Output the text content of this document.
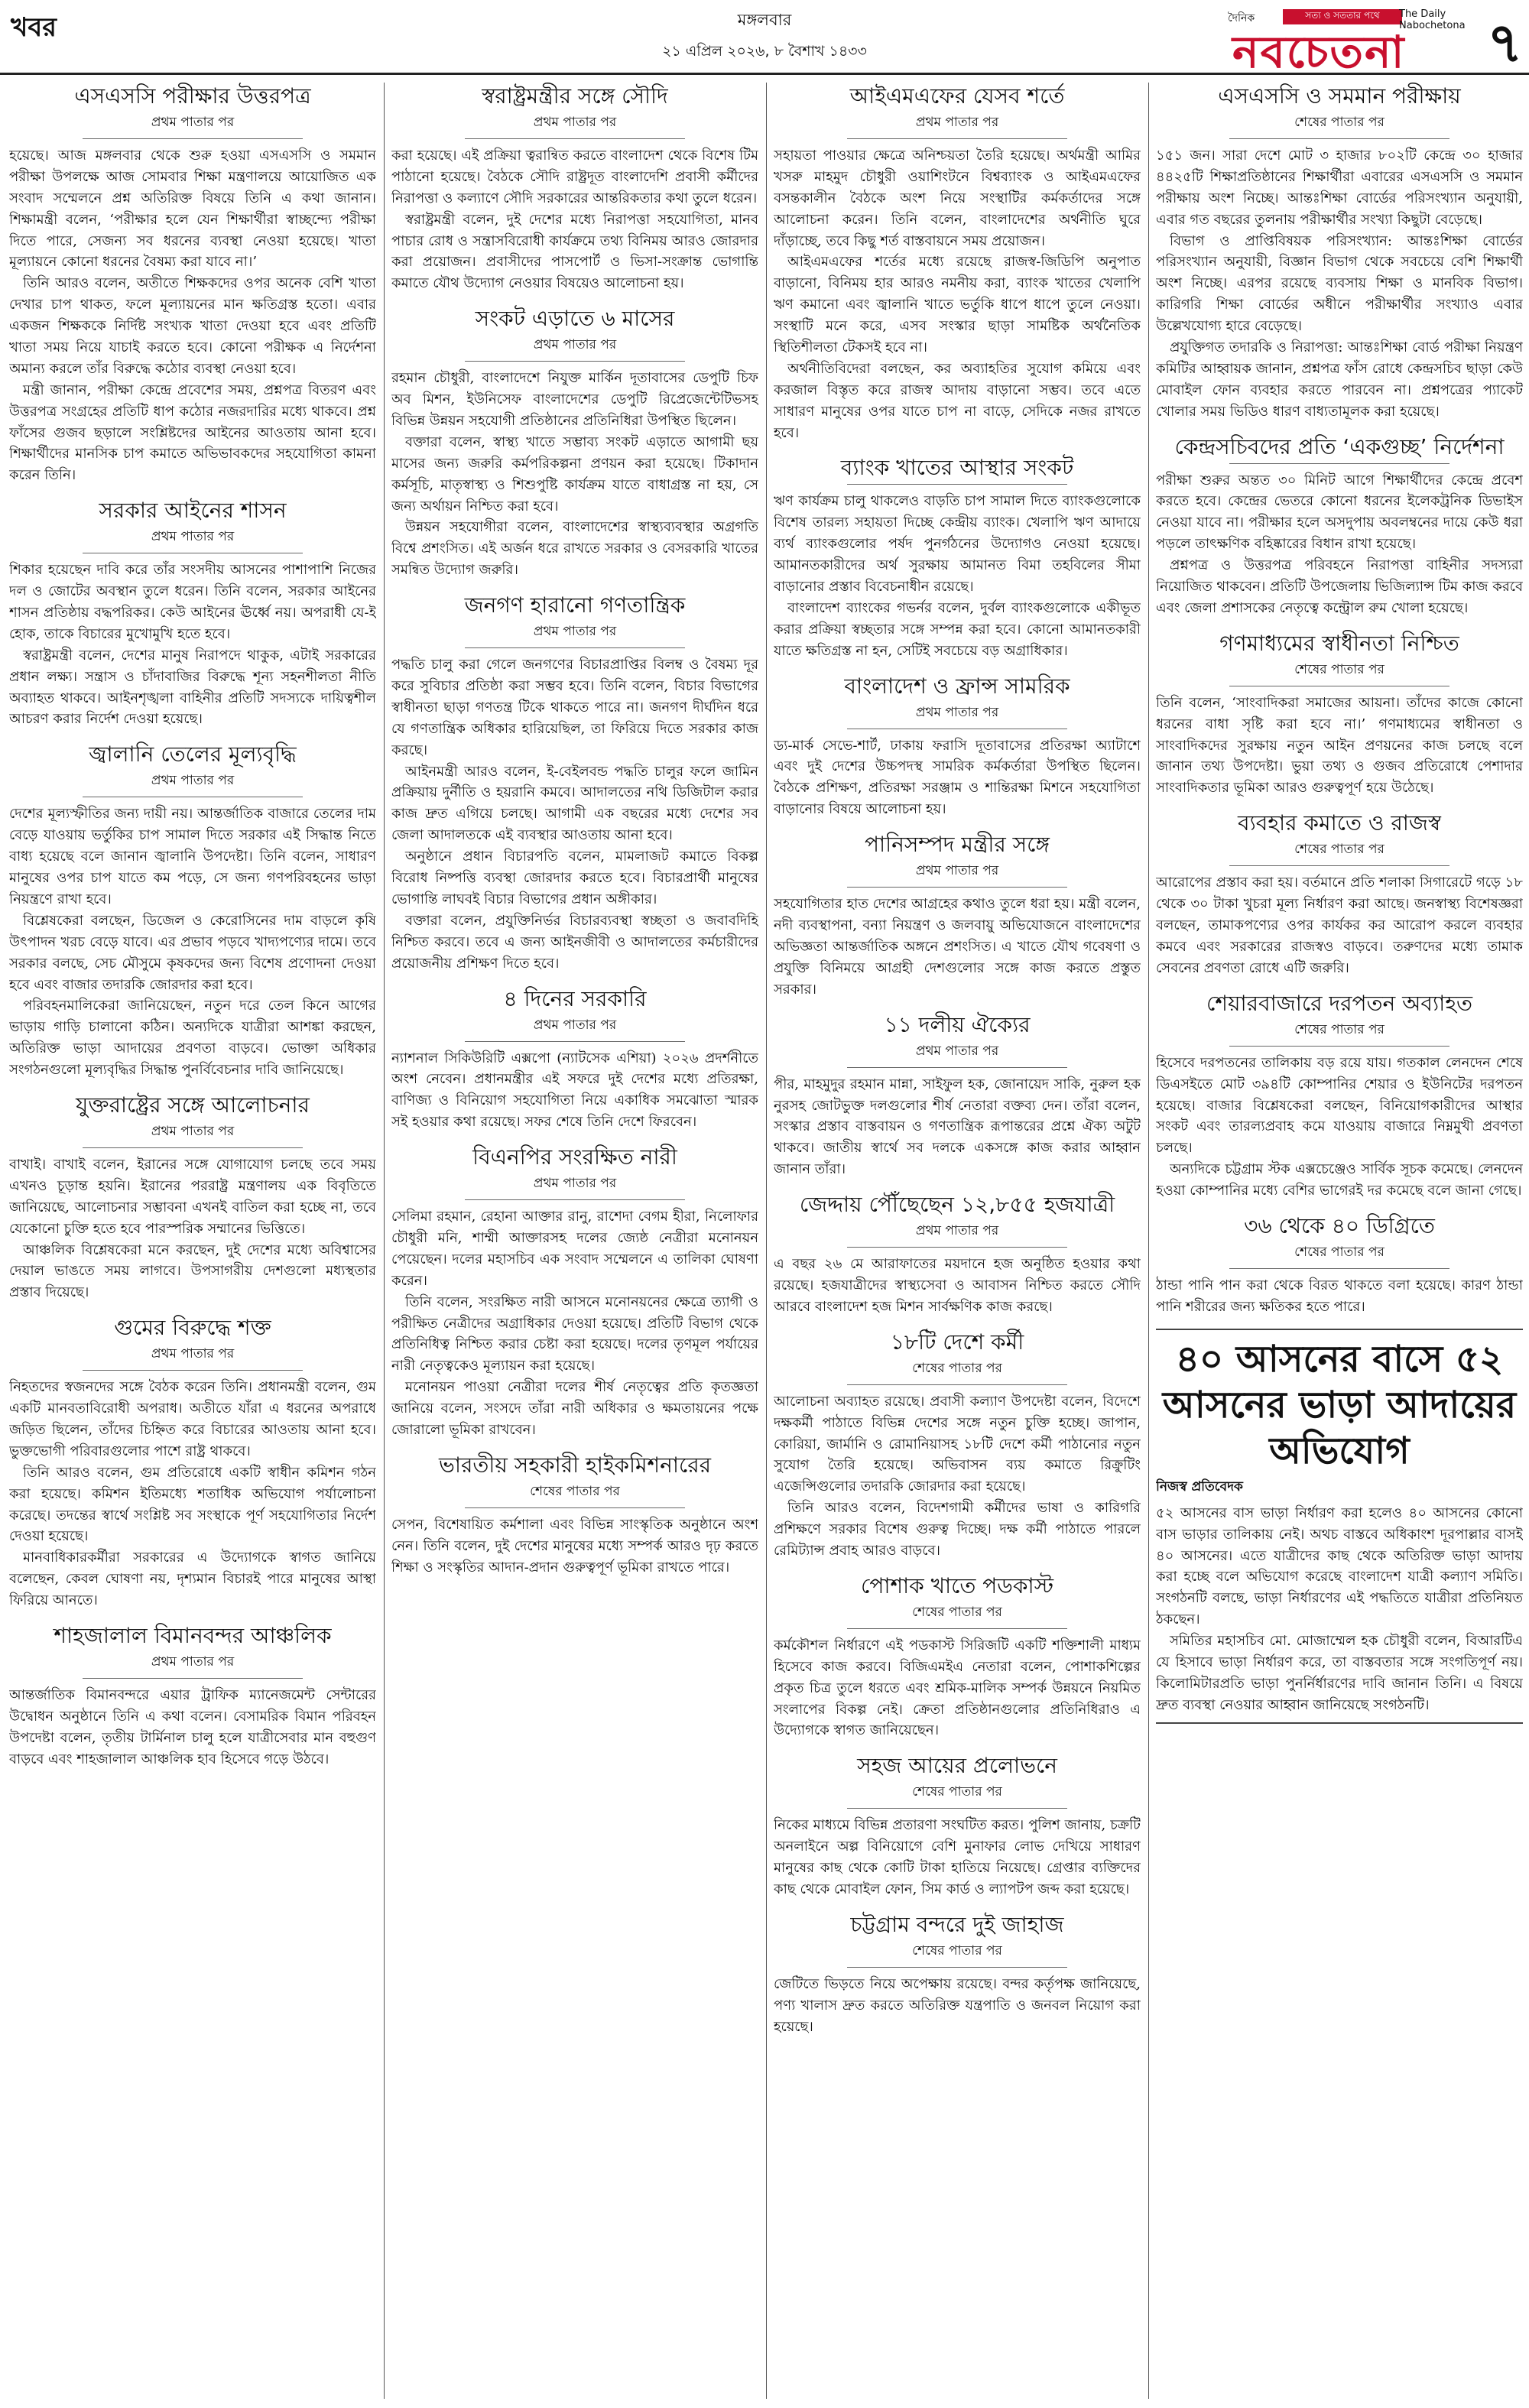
খবর	মঙ্গলবার
২১ এপ্রিল ২০২৬, ৮ বৈশাখ ১৪৩৩
দৈনিক	সত্য ও সততার পথে	The Daily Nabochetona
নবচেতনা ৭
এসএসসি পরীক্ষার উত্তরপত্র
প্রথম পাতার পর

হয়েছে। আজ মঙ্গলবার থেকে শুরু হওয়া এসএসসি ও সমমান পরীক্ষা উপলক্ষে আজ সোমবার শিক্ষা মন্ত্রণালয়ে আয়োজিত এক সংবাদ সম্মেলনে প্রশ্ন অতিরিক্ত বিষয়ে তিনি এ কথা জানান। শিক্ষামন্ত্রী বলেন, ‘পরীক্ষার হলে যেন শিক্ষার্থীরা স্বাচ্ছন্দ্যে পরীক্ষা দিতে পারে, সেজন্য সব ধরনের ব্যবস্থা নেওয়া হয়েছে। খাতা মূল্যায়নে কোনো ধরনের বৈষম্য করা যাবে না।’

তিনি আরও বলেন, অতীতে শিক্ষকদের ওপর অনেক বেশি খাতা দেখার চাপ থাকত, ফলে মূল্যায়নের মান ক্ষতিগ্রস্ত হতো। এবার একজন শিক্ষককে নির্দিষ্ট সংখ্যক খাতা দেওয়া হবে এবং প্রতিটি খাতা সময় নিয়ে যাচাই করতে হবে। কোনো পরীক্ষক এ নির্দেশনা অমান্য করলে তাঁর বিরুদ্ধে কঠোর ব্যবস্থা নেওয়া হবে।

মন্ত্রী জানান, পরীক্ষা কেন্দ্রে প্রবেশের সময়, প্রশ্নপত্র বিতরণ এবং উত্তরপত্র সংগ্রহের প্রতিটি ধাপ কঠোর নজরদারির মধ্যে থাকবে। প্রশ্ন ফাঁসের গুজব ছড়ালে সংশ্লিষ্টদের আইনের আওতায় আনা হবে। শিক্ষার্থীদের মানসিক চাপ কমাতে অভিভাবকদের সহযোগিতা কামনা করেন তিনি।

সরকার আইনের শাসন
প্রথম পাতার পর

শিকার হয়েছেন দাবি করে তাঁর সংসদীয় আসনের পাশাপাশি নিজের দল ও জোটের অবস্থান তুলে ধরেন। তিনি বলেন, সরকার আইনের শাসন প্রতিষ্ঠায় বদ্ধপরিকর। কেউ আইনের ঊর্ধ্বে নয়। অপরাধী যে-ই হোক, তাকে বিচারের মুখোমুখি হতে হবে।

স্বরাষ্ট্রমন্ত্রী বলেন, দেশের মানুষ নিরাপদে থাকুক, এটাই সরকারের প্রধান লক্ষ্য। সন্ত্রাস ও চাঁদাবাজির বিরুদ্ধে শূন্য সহনশীলতা নীতি অব্যাহত থাকবে। আইনশৃঙ্খলা বাহিনীর প্রতিটি সদস্যকে দায়িত্বশীল আচরণ করার নির্দেশ দেওয়া হয়েছে।

জ্বালানি তেলের মূল্যবৃদ্ধি
প্রথম পাতার পর

দেশের মূল্যস্ফীতির জন্য দায়ী নয়। আন্তর্জাতিক বাজারে তেলের দাম বেড়ে যাওয়ায় ভর্তুকির চাপ সামাল দিতে সরকার এই সিদ্ধান্ত নিতে বাধ্য হয়েছে বলে জানান জ্বালানি উপদেষ্টা। তিনি বলেন, সাধারণ মানুষের ওপর চাপ যাতে কম পড়ে, সে জন্য গণপরিবহনের ভাড়া নিয়ন্ত্রণে রাখা হবে।

বিশ্লেষকেরা বলছেন, ডিজেল ও কেরোসিনের দাম বাড়লে কৃষি উৎপাদন খরচ বেড়ে যাবে। এর প্রভাব পড়বে খাদ্যপণ্যের দামে। তবে সরকার বলছে, সেচ মৌসুমে কৃষকদের জন্য বিশেষ প্রণোদনা দেওয়া হবে এবং বাজার তদারকি জোরদার করা হবে।

পরিবহনমালিকেরা জানিয়েছেন, নতুন দরে তেল কিনে আগের ভাড়ায় গাড়ি চালানো কঠিন। অন্যদিকে যাত্রীরা আশঙ্কা করছেন, অতিরিক্ত ভাড়া আদায়ের প্রবণতা বাড়বে। ভোক্তা অধিকার সংগঠনগুলো মূল্যবৃদ্ধির সিদ্ধান্ত পুনর্বিবেচনার দাবি জানিয়েছে।

যুক্তরাষ্ট্রের সঙ্গে আলোচনার
প্রথম পাতার পর

বাখাই। বাখাই বলেন, ইরানের সঙ্গে যোগাযোগ চলছে তবে সময় এখনও চূড়ান্ত হয়নি। ইরানের পররাষ্ট্র মন্ত্রণালয় এক বিবৃতিতে জানিয়েছে, আলোচনার সম্ভাবনা এখনই বাতিল করা হচ্ছে না, তবে যেকোনো চুক্তি হতে হবে পারস্পরিক সম্মানের ভিত্তিতে।

আঞ্চলিক বিশ্লেষকেরা মনে করছেন, দুই দেশের মধ্যে অবিশ্বাসের দেয়াল ভাঙতে সময় লাগবে। উপসাগরীয় দেশগুলো মধ্যস্থতার প্রস্তাব দিয়েছে।

গুমের বিরুদ্ধে শক্ত
প্রথম পাতার পর

নিহতদের স্বজনদের সঙ্গে বৈঠক করেন তিনি। প্রধানমন্ত্রী বলেন, গুম একটি মানবতাবিরোধী অপরাধ। অতীতে যাঁরা এ ধরনের অপরাধে জড়িত ছিলেন, তাঁদের চিহ্নিত করে বিচারের আওতায় আনা হবে। ভুক্তভোগী পরিবারগুলোর পাশে রাষ্ট্র থাকবে।

তিনি আরও বলেন, গুম প্রতিরোধে একটি স্বাধীন কমিশন গঠন করা হয়েছে। কমিশন ইতিমধ্যে শতাধিক অভিযোগ পর্যালোচনা করেছে। তদন্তের স্বার্থে সংশ্লিষ্ট সব সংস্থাকে পূর্ণ সহযোগিতার নির্দেশ দেওয়া হয়েছে।

মানবাধিকারকর্মীরা সরকারের এ উদ্যোগকে স্বাগত জানিয়ে বলেছেন, কেবল ঘোষণা নয়, দৃশ্যমান বিচারই পারে মানুষের আস্থা ফিরিয়ে আনতে।

শাহজালাল বিমানবন্দর আঞ্চলিক
প্রথম পাতার পর

আন্তর্জাতিক বিমানবন্দরে এয়ার ট্রাফিক ম্যানেজমেন্ট সেন্টারের উদ্বোধন অনুষ্ঠানে তিনি এ কথা বলেন। বেসামরিক বিমান পরিবহন উপদেষ্টা বলেন, তৃতীয় টার্মিনাল চালু হলে যাত্রীসেবার মান বহুগুণ বাড়বে এবং শাহজালাল আঞ্চলিক হাব হিসেবে গড়ে উঠবে।

স্বরাষ্ট্রমন্ত্রীর সঙ্গে সৌদি
প্রথম পাতার পর

করা হয়েছে। এই প্রক্রিয়া ত্বরান্বিত করতে বাংলাদেশ থেকে বিশেষ টিম পাঠানো হয়েছে। বৈঠকে সৌদি রাষ্ট্রদূত বাংলাদেশি প্রবাসী কর্মীদের নিরাপত্তা ও কল্যাণে সৌদি সরকারের আন্তরিকতার কথা তুলে ধরেন।

স্বরাষ্ট্রমন্ত্রী বলেন, দুই দেশের মধ্যে নিরাপত্তা সহযোগিতা, মানব পাচার রোধ ও সন্ত্রাসবিরোধী কার্যক্রমে তথ্য বিনিময় আরও জোরদার করা প্রয়োজন। প্রবাসীদের পাসপোর্ট ও ভিসা-সংক্রান্ত ভোগান্তি কমাতে যৌথ উদ্যোগ নেওয়ার বিষয়েও আলোচনা হয়।

সংকট এড়াতে ৬ মাসের
প্রথম পাতার পর

রহমান চৌধুরী, বাংলাদেশে নিযুক্ত মার্কিন দূতাবাসের ডেপুটি চিফ অব মিশন, ইউনিসেফ বাংলাদেশের ডেপুটি রিপ্রেজেন্টেটিভসহ বিভিন্ন উন্নয়ন সহযোগী প্রতিষ্ঠানের প্রতিনিধিরা উপস্থিত ছিলেন।

বক্তারা বলেন, স্বাস্থ্য খাতে সম্ভাব্য সংকট এড়াতে আগামী ছয় মাসের জন্য জরুরি কর্মপরিকল্পনা প্রণয়ন করা হয়েছে। টিকাদান কর্মসূচি, মাতৃস্বাস্থ্য ও শিশুপুষ্টি কার্যক্রম যাতে বাধাগ্রস্ত না হয়, সে জন্য অর্থায়ন নিশ্চিত করা হবে।

উন্নয়ন সহযোগীরা বলেন, বাংলাদেশের স্বাস্থ্যব্যবস্থার অগ্রগতি বিশ্বে প্রশংসিত। এই অর্জন ধরে রাখতে সরকার ও বেসরকারি খাতের সমন্বিত উদ্যোগ জরুরি।

জনগণ হারানো গণতান্ত্রিক
প্রথম পাতার পর

পদ্ধতি চালু করা গেলে জনগণের বিচারপ্রাপ্তির বিলম্ব ও বৈষম্য দূর করে সুবিচার প্রতিষ্ঠা করা সম্ভব হবে। তিনি বলেন, বিচার বিভাগের স্বাধীনতা ছাড়া গণতন্ত্র টিকে থাকতে পারে না। জনগণ দীর্ঘদিন ধরে যে গণতান্ত্রিক অধিকার হারিয়েছিল, তা ফিরিয়ে দিতে সরকার কাজ করছে।

আইনমন্ত্রী আরও বলেন, ই-বেইলবন্ড পদ্ধতি চালুর ফলে জামিন প্রক্রিয়ায় দুর্নীতি ও হয়রানি কমবে। আদালতের নথি ডিজিটাল করার কাজ দ্রুত এগিয়ে চলছে। আগামী এক বছরের মধ্যে দেশের সব জেলা আদালতকে এই ব্যবস্থার আওতায় আনা হবে।

অনুষ্ঠানে প্রধান বিচারপতি বলেন, মামলাজট কমাতে বিকল্প বিরোধ নিষ্পত্তি ব্যবস্থা জোরদার করতে হবে। বিচারপ্রার্থী মানুষের ভোগান্তি লাঘবই বিচার বিভাগের প্রধান অঙ্গীকার।

বক্তারা বলেন, প্রযুক্তিনির্ভর বিচারব্যবস্থা স্বচ্ছতা ও জবাবদিহি নিশ্চিত করবে। তবে এ জন্য আইনজীবী ও আদালতের কর্মচারীদের প্রয়োজনীয় প্রশিক্ষণ দিতে হবে।

৪ দিনের সরকারি
প্রথম পাতার পর

ন্যাশনাল সিকিউরিটি এক্সপো (ন্যাটসেক এশিয়া) ২০২৬ প্রদর্শনীতে অংশ নেবেন। প্রধানমন্ত্রীর এই সফরে দুই দেশের মধ্যে প্রতিরক্ষা, বাণিজ্য ও বিনিয়োগ সহযোগিতা নিয়ে একাধিক সমঝোতা স্মারক সই হওয়ার কথা রয়েছে। সফর শেষে তিনি দেশে ফিরবেন।

বিএনপির সংরক্ষিত নারী
প্রথম পাতার পর

সেলিমা রহমান, রেহানা আক্তার রানু, রাশেদা বেগম হীরা, নিলোফার চৌধুরী মনি, শাম্মী আক্তারসহ দলের জ্যেষ্ঠ নেত্রীরা মনোনয়ন পেয়েছেন। দলের মহাসচিব এক সংবাদ সম্মেলনে এ তালিকা ঘোষণা করেন।

তিনি বলেন, সংরক্ষিত নারী আসনে মনোনয়নের ক্ষেত্রে ত্যাগী ও পরীক্ষিত নেত্রীদের অগ্রাধিকার দেওয়া হয়েছে। প্রতিটি বিভাগ থেকে প্রতিনিধিত্ব নিশ্চিত করার চেষ্টা করা হয়েছে। দলের তৃণমূল পর্যায়ের নারী নেতৃত্বকেও মূল্যায়ন করা হয়েছে।

মনোনয়ন পাওয়া নেত্রীরা দলের শীর্ষ নেতৃত্বের প্রতি কৃতজ্ঞতা জানিয়ে বলেন, সংসদে তাঁরা নারী অধিকার ও ক্ষমতায়নের পক্ষে জোরালো ভূমিকা রাখবেন।

ভারতীয় সহকারী হাইকমিশনারের
শেষের পাতার পর

সেপন, বিশেষায়িত কর্মশালা এবং বিভিন্ন সাংস্কৃতিক অনুষ্ঠানে অংশ নেন। তিনি বলেন, দুই দেশের মানুষের মধ্যে সম্পর্ক আরও দৃঢ় করতে শিক্ষা ও সংস্কৃতির আদান-প্রদান গুরুত্বপূর্ণ ভূমিকা রাখতে পারে।

আইএমএফের যেসব শর্তে
প্রথম পাতার পর

সহায়তা পাওয়ার ক্ষেত্রে অনিশ্চয়তা তৈরি হয়েছে। অর্থমন্ত্রী আমির খসরু মাহমুদ চৌধুরী ওয়াশিংটনে বিশ্বব্যাংক ও আইএমএফের বসন্তকালীন বৈঠকে অংশ নিয়ে সংস্থাটির কর্মকর্তাদের সঙ্গে আলোচনা করেন। তিনি বলেন, বাংলাদেশের অর্থনীতি ঘুরে দাঁড়াচ্ছে, তবে কিছু শর্ত বাস্তবায়নে সময় প্রয়োজন।

আইএমএফের শর্তের মধ্যে রয়েছে রাজস্ব-জিডিপি অনুপাত বাড়ানো, বিনিময় হার আরও নমনীয় করা, ব্যাংক খাতের খেলাপি ঋণ কমানো এবং জ্বালানি খাতে ভর্তুকি ধাপে ধাপে তুলে নেওয়া। সংস্থাটি মনে করে, এসব সংস্কার ছাড়া সামষ্টিক অর্থনৈতিক স্থিতিশীলতা টেকসই হবে না।

অর্থনীতিবিদেরা বলছেন, কর অব্যাহতির সুযোগ কমিয়ে এবং করজাল বিস্তৃত করে রাজস্ব আদায় বাড়ানো সম্ভব। তবে এতে সাধারণ মানুষের ওপর যাতে চাপ না বাড়ে, সেদিকে নজর রাখতে হবে।

ব্যাংক খাতের আস্থার সংকট

ঋণ কার্যক্রম চালু থাকলেও বাড়তি চাপ সামাল দিতে ব্যাংকগুলোকে বিশেষ তারল্য সহায়তা দিচ্ছে কেন্দ্রীয় ব্যাংক। খেলাপি ঋণ আদায়ে ব্যর্থ ব্যাংকগুলোর পর্ষদ পুনর্গঠনের উদ্যোগও নেওয়া হয়েছে। আমানতকারীদের অর্থ সুরক্ষায় আমানত বিমা তহবিলের সীমা বাড়ানোর প্রস্তাব বিবেচনাধীন রয়েছে।

বাংলাদেশ ব্যাংকের গভর্নর বলেন, দুর্বল ব্যাংকগুলোকে একীভূত করার প্রক্রিয়া স্বচ্ছতার সঙ্গে সম্পন্ন করা হবে। কোনো আমানতকারী যাতে ক্ষতিগ্রস্ত না হন, সেটিই সবচেয়ে বড় অগ্রাধিকার।

বাংলাদেশ ও ফ্রান্স সামরিক
প্রথম পাতার পর

ড্য-মার্ক সেভে-শার্ট, ঢাকায় ফরাসি দূতাবাসের প্রতিরক্ষা অ্যাটাশে এবং দুই দেশের উচ্চপদস্থ সামরিক কর্মকর্তারা উপস্থিত ছিলেন। বৈঠকে প্রশিক্ষণ, প্রতিরক্ষা সরঞ্জাম ও শান্তিরক্ষা মিশনে সহযোগিতা বাড়ানোর বিষয়ে আলোচনা হয়।

পানিসম্পদ মন্ত্রীর সঙ্গে
প্রথম পাতার পর

সহযোগিতার হাত দেশের আগ্রহের কথাও তুলে ধরা হয়। মন্ত্রী বলেন, নদী ব্যবস্থাপনা, বন্যা নিয়ন্ত্রণ ও জলবায়ু অভিযোজনে বাংলাদেশের অভিজ্ঞতা আন্তর্জাতিক অঙ্গনে প্রশংসিত। এ খাতে যৌথ গবেষণা ও প্রযুক্তি বিনিময়ে আগ্রহী দেশগুলোর সঙ্গে কাজ করতে প্রস্তুত সরকার।

১১ দলীয় ঐক্যের
প্রথম পাতার পর

পীর, মাহমুদুর রহমান মান্না, সাইফুল হক, জোনায়েদ সাকি, নুরুল হক নুরসহ জোটভুক্ত দলগুলোর শীর্ষ নেতারা বক্তব্য দেন। তাঁরা বলেন, সংস্কার প্রস্তাব বাস্তবায়ন ও গণতান্ত্রিক রূপান্তরের প্রশ্নে ঐক্য অটুট থাকবে। জাতীয় স্বার্থে সব দলকে একসঙ্গে কাজ করার আহ্বান জানান তাঁরা।

জেদ্দায় পৌঁছেছেন ১২,৮৫৫ হজযাত্রী
প্রথম পাতার পর

এ বছর ২৬ মে আরাফাতের ময়দানে হজ অনুষ্ঠিত হওয়ার কথা রয়েছে। হজযাত্রীদের স্বাস্থ্যসেবা ও আবাসন নিশ্চিত করতে সৌদি আরবে বাংলাদেশ হজ মিশন সার্বক্ষণিক কাজ করছে।

১৮টি দেশে কর্মী
শেষের পাতার পর

আলোচনা অব্যাহত রয়েছে। প্রবাসী কল্যাণ উপদেষ্টা বলেন, বিদেশে দক্ষকর্মী পাঠাতে বিভিন্ন দেশের সঙ্গে নতুন চুক্তি হচ্ছে। জাপান, কোরিয়া, জার্মানি ও রোমানিয়াসহ ১৮টি দেশে কর্মী পাঠানোর নতুন সুযোগ তৈরি হয়েছে। অভিবাসন ব্যয় কমাতে রিক্রুটিং এজেন্সিগুলোর তদারকি জোরদার করা হয়েছে।

তিনি আরও বলেন, বিদেশগামী কর্মীদের ভাষা ও কারিগরি প্রশিক্ষণে সরকার বিশেষ গুরুত্ব দিচ্ছে। দক্ষ কর্মী পাঠাতে পারলে রেমিট্যান্স প্রবাহ আরও বাড়বে।

পোশাক খাতে পডকাস্ট
শেষের পাতার পর

কর্মকৌশল নির্ধারণে এই পডকাস্ট সিরিজটি একটি শক্তিশালী মাধ্যম হিসেবে কাজ করবে। বিজিএমইএ নেতারা বলেন, পোশাকশিল্পের প্রকৃত চিত্র তুলে ধরতে এবং শ্রমিক-মালিক সম্পর্ক উন্নয়নে নিয়মিত সংলাপের বিকল্প নেই। ক্রেতা প্রতিষ্ঠানগুলোর প্রতিনিধিরাও এ উদ্যোগকে স্বাগত জানিয়েছেন।

সহজ আয়ের প্রলোভনে
শেষের পাতার পর

নিকের মাধ্যমে বিভিন্ন প্রতারণা সংঘটিত করত। পুলিশ জানায়, চক্রটি অনলাইনে অল্প বিনিয়োগে বেশি মুনাফার লোভ দেখিয়ে সাধারণ মানুষের কাছ থেকে কোটি টাকা হাতিয়ে নিয়েছে। গ্রেপ্তার ব্যক্তিদের কাছ থেকে মোবাইল ফোন, সিম কার্ড ও ল্যাপটপ জব্দ করা হয়েছে।

চট্টগ্রাম বন্দরে দুই জাহাজ
শেষের পাতার পর

জেটিতে ভিড়তে নিয়ে অপেক্ষায় রয়েছে। বন্দর কর্তৃপক্ষ জানিয়েছে, পণ্য খালাস দ্রুত করতে অতিরিক্ত যন্ত্রপাতি ও জনবল নিয়োগ করা হয়েছে।

এসএসসি ও সমমান পরীক্ষায়
শেষের পাতার পর

১৫১ জন। সারা দেশে মোট ৩ হাজার ৮০২টি কেন্দ্রে ৩০ হাজার ৪৪২৫টি শিক্ষাপ্রতিষ্ঠানের শিক্ষার্থীরা এবারের এসএসসি ও সমমান পরীক্ষায় অংশ নিচ্ছে। আন্তঃশিক্ষা বোর্ডের পরিসংখ্যান অনুযায়ী, এবার গত বছরের তুলনায় পরীক্ষার্থীর সংখ্যা কিছুটা বেড়েছে।

বিভাগ ও প্রাপ্তিবিষয়ক পরিসংখ্যান: আন্তঃশিক্ষা বোর্ডের পরিসংখ্যান অনুযায়ী, বিজ্ঞান বিভাগ থেকে সবচেয়ে বেশি শিক্ষার্থী অংশ নিচ্ছে। এরপর রয়েছে ব্যবসায় শিক্ষা ও মানবিক বিভাগ। কারিগরি শিক্ষা বোর্ডের অধীনে পরীক্ষার্থীর সংখ্যাও এবার উল্লেখযোগ্য হারে বেড়েছে।

প্রযুক্তিগত তদারকি ও নিরাপত্তা: আন্তঃশিক্ষা বোর্ড পরীক্ষা নিয়ন্ত্রণ কমিটির আহ্বায়ক জানান, প্রশ্নপত্র ফাঁস রোধে কেন্দ্রসচিব ছাড়া কেউ মোবাইল ফোন ব্যবহার করতে পারবেন না। প্রশ্নপত্রের প্যাকেট খোলার সময় ভিডিও ধারণ বাধ্যতামূলক করা হয়েছে।

কেন্দ্রসচিবদের প্রতি ‘একগুচ্ছ’ নির্দেশনা

পরীক্ষা শুরুর অন্তত ৩০ মিনিট আগে শিক্ষার্থীদের কেন্দ্রে প্রবেশ করতে হবে। কেন্দ্রের ভেতরে কোনো ধরনের ইলেকট্রনিক ডিভাইস নেওয়া যাবে না। পরীক্ষার হলে অসদুপায় অবলম্বনের দায়ে কেউ ধরা পড়লে তাৎক্ষণিক বহিষ্কারের বিধান রাখা হয়েছে।

প্রশ্নপত্র ও উত্তরপত্র পরিবহনে নিরাপত্তা বাহিনীর সদস্যরা নিয়োজিত থাকবেন। প্রতিটি উপজেলায় ভিজিল্যান্স টিম কাজ করবে এবং জেলা প্রশাসকের নেতৃত্বে কন্ট্রোল রুম খোলা হয়েছে।

গণমাধ্যমের স্বাধীনতা নিশ্চিত
শেষের পাতার পর

তিনি বলেন, ‘সাংবাদিকরা সমাজের আয়না। তাঁদের কাজে কোনো ধরনের বাধা সৃষ্টি করা হবে না।’ গণমাধ্যমের স্বাধীনতা ও সাংবাদিকদের সুরক্ষায় নতুন আইন প্রণয়নের কাজ চলছে বলে জানান তথ্য উপদেষ্টা। ভুয়া তথ্য ও গুজব প্রতিরোধে পেশাদার সাংবাদিকতার ভূমিকা আরও গুরুত্বপূর্ণ হয়ে উঠেছে।

ব্যবহার কমাতে ও রাজস্ব
শেষের পাতার পর

আরোপের প্রস্তাব করা হয়। বর্তমানে প্রতি শলাকা সিগারেটে গড়ে ১৮ থেকে ৩০ টাকা খুচরা মূল্য নির্ধারণ করা আছে। জনস্বাস্থ্য বিশেষজ্ঞরা বলছেন, তামাকপণ্যের ওপর কার্যকর কর আরোপ করলে ব্যবহার কমবে এবং সরকারের রাজস্বও বাড়বে। তরুণদের মধ্যে তামাক সেবনের প্রবণতা রোধে এটি জরুরি।

শেয়ারবাজারে দরপতন অব্যাহত
শেষের পাতার পর

হিসেবে দরপতনের তালিকায় বড় রয়ে যায়। গতকাল লেনদেন শেষে ডিএসইতে মোট ৩৯৪টি কোম্পানির শেয়ার ও ইউনিটের দরপতন হয়েছে। বাজার বিশ্লেষকেরা বলছেন, বিনিয়োগকারীদের আস্থার সংকট এবং তারল্যপ্রবাহ কমে যাওয়ায় বাজারে নিম্নমুখী প্রবণতা চলছে।

অন্যদিকে চট্টগ্রাম স্টক এক্সচেঞ্জেও সার্বিক সূচক কমেছে। লেনদেন হওয়া কোম্পানির মধ্যে বেশির ভাগেরই দর কমেছে বলে জানা গেছে।

৩৬ থেকে ৪০ ডিগ্রিতে
শেষের পাতার পর

ঠান্ডা পানি পান করা থেকে বিরত থাকতে বলা হয়েছে। কারণ ঠান্ডা পানি শরীরের জন্য ক্ষতিকর হতে পারে।

৪০ আসনের বাসে ৫২ আসনের ভাড়া আদায়ের অভিযোগ
নিজস্ব প্রতিবেদক

৫২ আসনের বাস ভাড়া নির্ধারণ করা হলেও ৪০ আসনের কোনো বাস ভাড়ার তালিকায় নেই। অথচ বাস্তবে অধিকাংশ দূরপাল্লার বাসই ৪০ আসনের। এতে যাত্রীদের কাছ থেকে অতিরিক্ত ভাড়া আদায় করা হচ্ছে বলে অভিযোগ করেছে বাংলাদেশ যাত্রী কল্যাণ সমিতি। সংগঠনটি বলছে, ভাড়া নির্ধারণের এই পদ্ধতিতে যাত্রীরা প্রতিনিয়ত ঠকছেন।

সমিতির মহাসচিব মো. মোজাম্মেল হক চৌধুরী বলেন, বিআরটিএ যে হিসাবে ভাড়া নির্ধারণ করে, তা বাস্তবতার সঙ্গে সংগতিপূর্ণ নয়। কিলোমিটারপ্রতি ভাড়া পুনর্নির্ধারণের দাবি জানান তিনি। এ বিষয়ে দ্রুত ব্যবস্থা নেওয়ার আহ্বান জানিয়েছে সংগঠনটি।
